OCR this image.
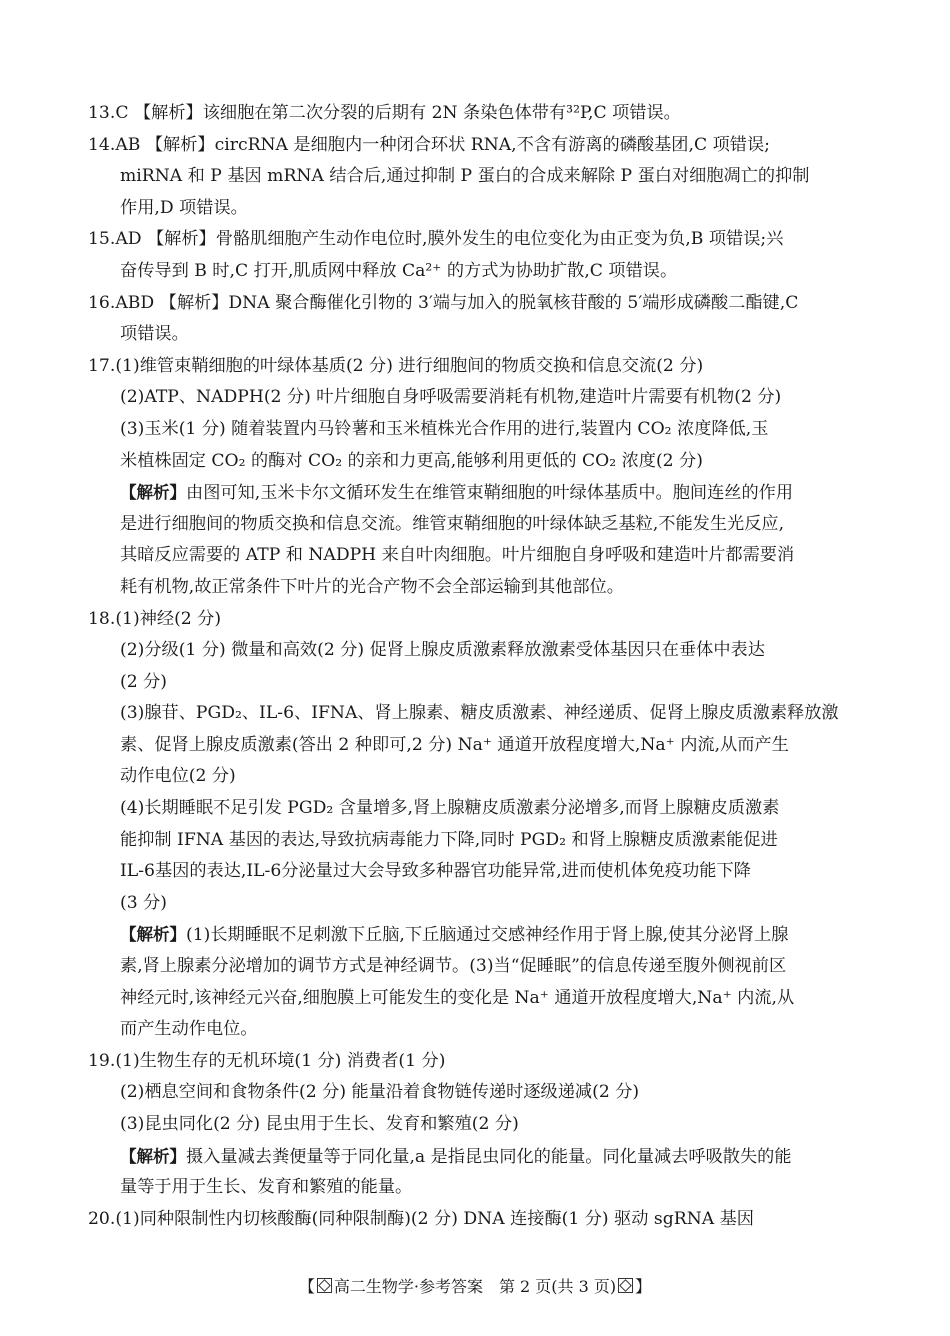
13.C 【解析】该细胞在第二次分裂的后期有 2N 条染色体带有³²P,C 项错误。
14.AB 【解析】circRNA 是细胞内一种闭合环状 RNA,不含有游离的磷酸基团,C 项错误;
miRNA 和 P 基因 mRNA 结合后,通过抑制 P 蛋白的合成来解除 P 蛋白对细胞凋亡的抑制
作用,D 项错误。
15.AD 【解析】骨骼肌细胞产生动作电位时,膜外发生的电位变化为由正变为负,B 项错误;兴
奋传导到 B 时,C 打开,肌质网中释放 Ca²⁺ 的方式为协助扩散,C 项错误。
16.ABD 【解析】DNA 聚合酶催化引物的 3′端与加入的脱氧核苷酸的 5′端形成磷酸二酯键,C
项错误。
17.(1)维管束鞘细胞的叶绿体基质(2 分) 进行细胞间的物质交换和信息交流(2 分)
(2)ATP、NADPH(2 分) 叶片细胞自身呼吸需要消耗有机物,建造叶片需要有机物(2 分)
(3)玉米(1 分) 随着装置内马铃薯和玉米植株光合作用的进行,装置内 CO₂ 浓度降低,玉
米植株固定 CO₂ 的酶对 CO₂ 的亲和力更高,能够利用更低的 CO₂ 浓度(2 分)
【解析】由图可知,玉米卡尔文循环发生在维管束鞘细胞的叶绿体基质中。胞间连丝的作用
是进行细胞间的物质交换和信息交流。维管束鞘细胞的叶绿体缺乏基粒,不能发生光反应,
其暗反应需要的 ATP 和 NADPH 来自叶肉细胞。叶片细胞自身呼吸和建造叶片都需要消
耗有机物,故正常条件下叶片的光合产物不会全部运输到其他部位。
18.(1)神经(2 分)
(2)分级(1 分) 微量和高效(2 分) 促肾上腺皮质激素释放激素受体基因只在垂体中表达
(2 分)
(3)腺苷、PGD₂、IL-6、IFNA、肾上腺素、糖皮质激素、神经递质、促肾上腺皮质激素释放激
素、促肾上腺皮质激素(答出 2 种即可,2 分) Na⁺ 通道开放程度增大,Na⁺ 内流,从而产生
动作电位(2 分)
(4)长期睡眠不足引发 PGD₂ 含量增多,肾上腺糖皮质激素分泌增多,而肾上腺糖皮质激素
能抑制 IFNA 基因的表达,导致抗病毒能力下降,同时 PGD₂ 和肾上腺糖皮质激素能促进
IL-6基因的表达,IL-6分泌量过大会导致多种器官功能异常,进而使机体免疫功能下降
(3 分)
【解析】(1)长期睡眠不足刺激下丘脑,下丘脑通过交感神经作用于肾上腺,使其分泌肾上腺
素,肾上腺素分泌增加的调节方式是神经调节。(3)当“促睡眠”的信息传递至腹外侧视前区
神经元时,该神经元兴奋,细胞膜上可能发生的变化是 Na⁺ 通道开放程度增大,Na⁺ 内流,从
而产生动作电位。
19.(1)生物生存的无机环境(1 分) 消费者(1 分)
(2)栖息空间和食物条件(2 分) 能量沿着食物链传递时逐级递减(2 分)
(3)昆虫同化(2 分) 昆虫用于生长、发育和繁殖(2 分)
【解析】摄入量减去粪便量等于同化量,a 是指昆虫同化的能量。同化量减去呼吸散失的能
量等于用于生长、发育和繁殖的能量。
20.(1)同种限制性内切核酸酶(同种限制酶)(2 分) DNA 连接酶(1 分) 驱动 sgRNA 基因
【 高二生物学·参考答案　第 2 页(共 3 页) 】
